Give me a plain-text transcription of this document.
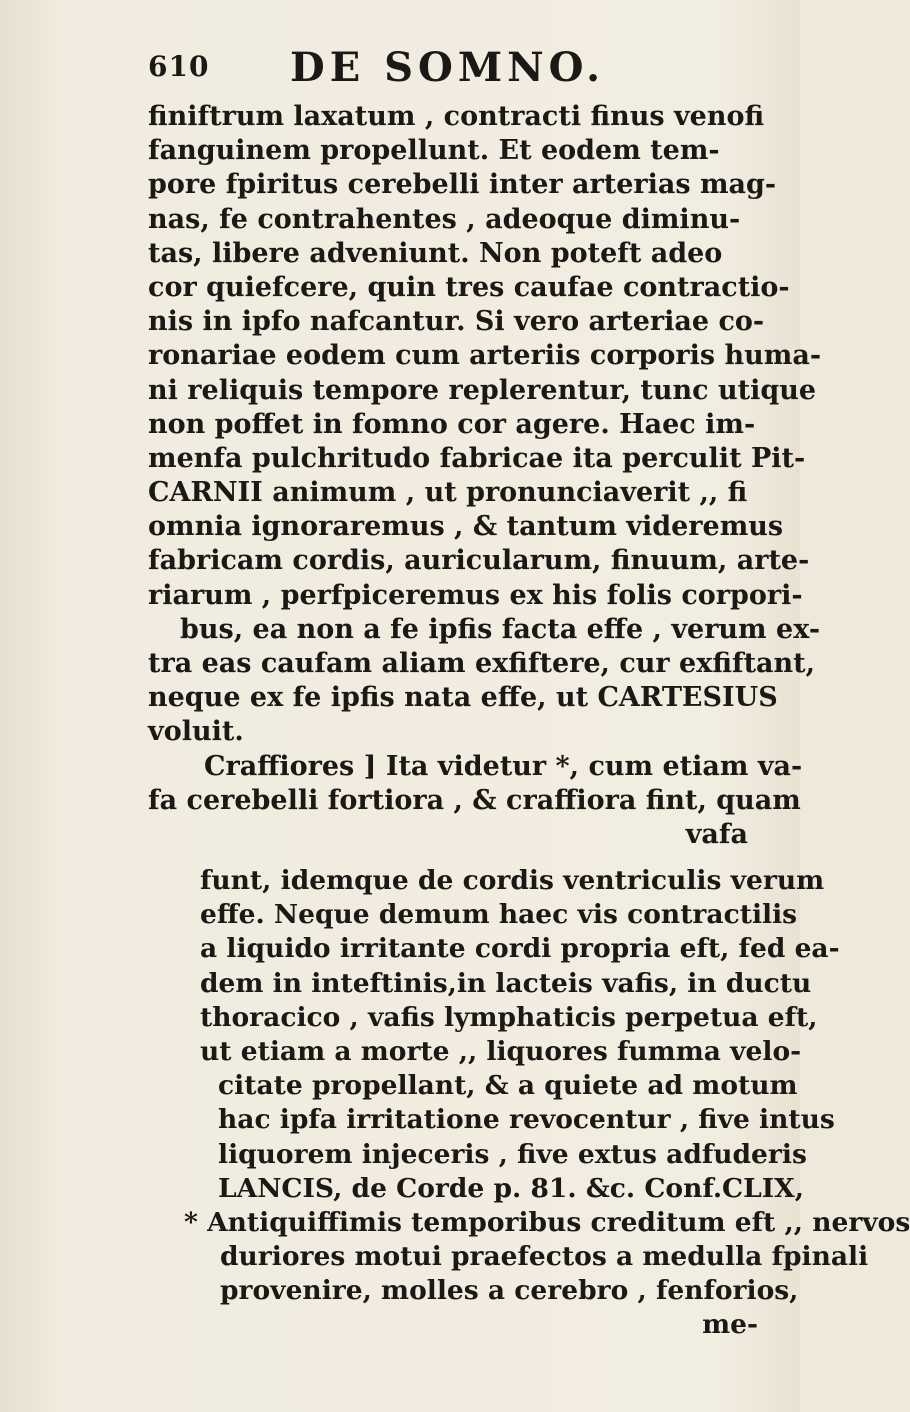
610 DE SOMNO.
finiftrum laxatum , contracti finus venofi
fanguinem propellunt. Et eodem tem-
pore fpiritus cerebelli inter arterias mag-
nas, fe contrahentes , adeoque diminu-
tas, libere adveniunt. Non poteft adeo
cor quiefcere, quin tres caufae contractio-
nis in ipfo nafcantur. Si vero arteriae co-
ronariae eodem cum arteriis corporis huma-
ni reliquis tempore replerentur, tunc utique
non poffet in fomno cor agere. Haec im-
menfa pulchritudo fabricae ita perculit Pit-
CARNII animum , ut pronunciaverit ,, fi
omnia ignoraremus , & tantum videremus
fabricam cordis, auricularum, finuum, arte-
riarum , perfpiceremus ex his folis corpori-
bus, ea non a fe ipfis facta effe , verum ex-
tra eas caufam aliam exfiftere, cur exfiftant,
neque ex fe ipfis nata effe, ut CARTESIUS
voluit.
Craffiores ] Ita videtur *, cum etiam va-
fa cerebelli fortiora , & craffiora fint, quam
vafa
funt, idemque de cordis ventriculis verum
effe. Neque demum haec vis contractilis
a liquido irritante cordi propria eft, fed ea-
dem in inteftinis,in lacteis vafis, in ductu
thoracico , vafis lymphaticis perpetua eft,
ut etiam a morte ,, liquores fumma velo-
citate propellant, & a quiete ad motum
hac ipfa irritatione revocentur , five intus
liquorem injeceris , five extus adfuderis
LANCIS, de Corde p. 81. &c. Conf.CLIX,
* Antiquiffimis temporibus creditum eft ,, nervos
duriores motui praefectos a medulla fpinali
provenire, molles a cerebro , fenforios,
me-
